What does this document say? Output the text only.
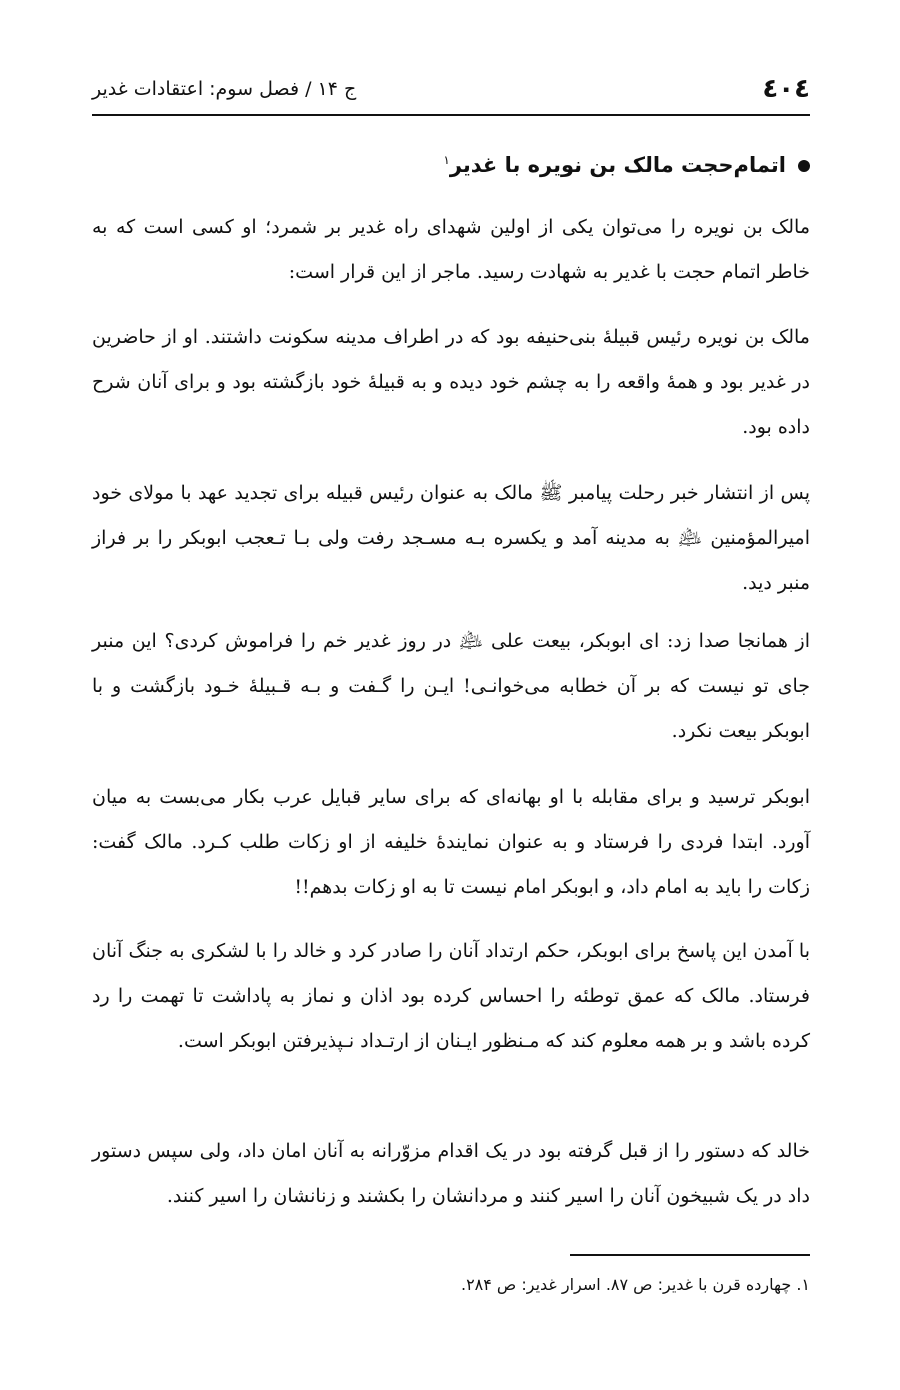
٤٠٤
ج ۱۴ / فصل سوم: اعتقادات غدیر
اتمام‌حجت مالک بن نویره با غدیر$^۱$

مالک بن نویره را می‌توان یکی از اولین شهدای راه غدیر بر شمرد؛ او کسی است که به خاطر اتمام حجت با غدیر به شهادت رسید. ماجر از این قرار است:

مالک بن نویره رئیس قبیلهٔ بنی‌حنیفه بود که در اطراف مدینه سکونت داشتند. او از حاضرین در غدیر بود و همهٔ واقعه را به چشم خود دیده و به قبیلهٔ خود بازگشته بود و برای آنان شرح داده بود.

پس از انتشار خبر رحلت پیامبر ﷺ مالک به عنوان رئیس قبیله برای تجدید عهد با مولای خود امیرالمؤمنین ﵇ به مدینه آمد و یکسره بـه مسـجد رفت ولی بـا تـعجب ابوبکر را بر فراز منبر دید.

از همانجا صدا زد: ای ابوبکر، بیعت علی ﵇ در روز غدیر خم را فراموش کردی؟ این منبر جای تو نیست که بر آن خطابه می‌خوانـی! ایـن را گـفت و بـه قـبیلهٔ خـود بازگشت و با ابوبکر بیعت نکرد.

ابوبکر ترسید و برای مقابله با او بهانه‌ای که برای سایر قبایل عرب بکار می‌بست به میان آورد. ابتدا فردی را فرستاد و به عنوان نمایندهٔ خلیفه از او زکات طلب کـرد. مالک گفت: زکات را باید به امام داد، و ابوبکر امام نیست تا به او زکات بدهم!!

با آمدن این پاسخ برای ابوبکر، حکم ارتداد آنان را صادر کرد و خالد را با لشکری به جنگ آنان فرستاد. مالک که عمق توطئه را احساس کرده بود اذان و نماز به پاداشت تا تهمت را رد کرده باشد و بر همه معلوم کند که مـنظور ایـنان از ارتـداد نـپذیرفتن ابوبکر است.

خالد که دستور را از قبل گرفته بود در یک اقدام مزوّرانه به آنان امان داد، ولی سپس دستور داد در یک شبیخون آنان را اسیر کنند و مردانشان را بکشند و زنانشان را اسیر کنند.

۱. چهارده قرن با غدیر: ص ۸۷. اسرار غدیر: ص ۲۸۴.
